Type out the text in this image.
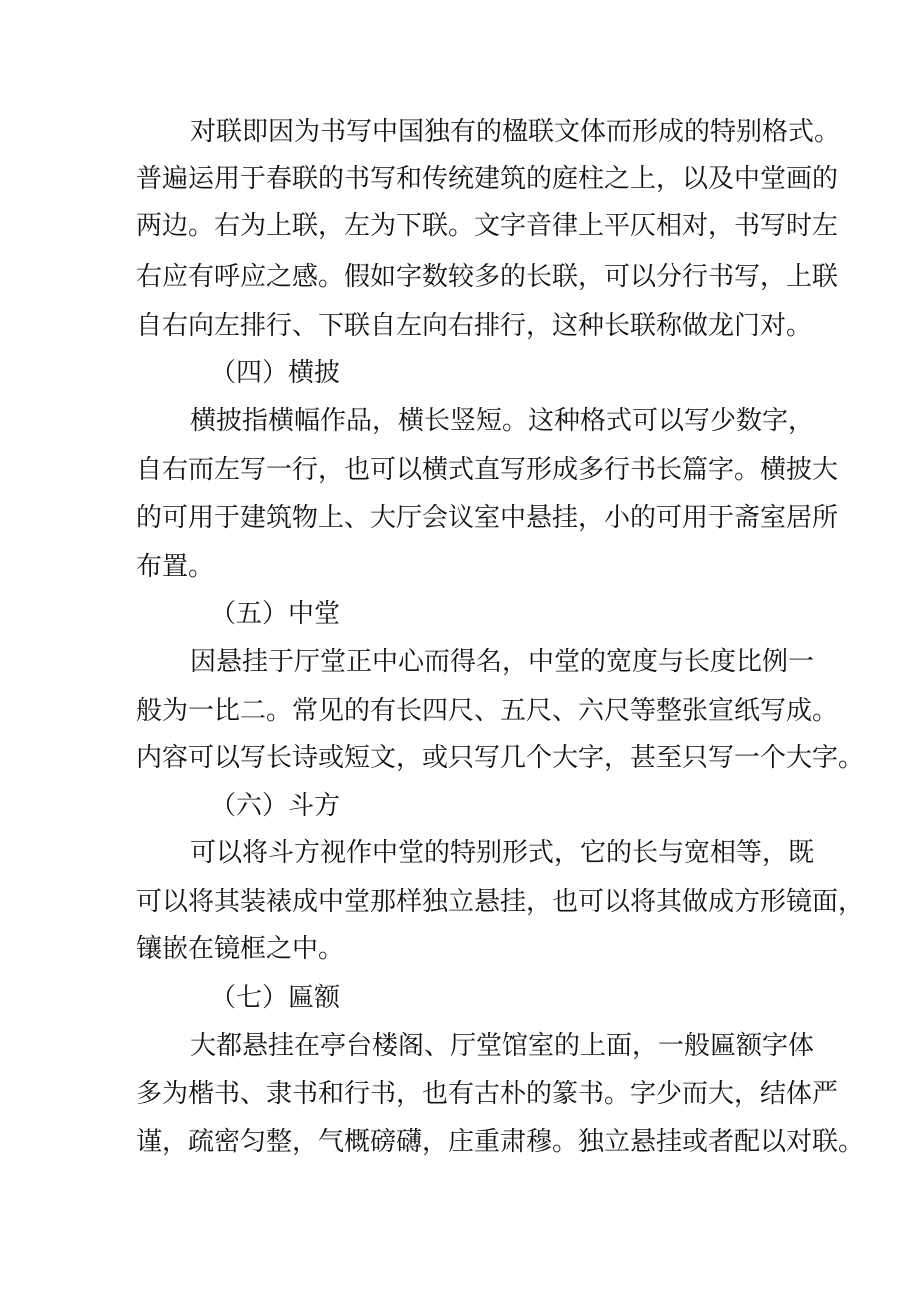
对联即因为书写中国独有的楹联文体而形成的特别格式。
普遍运用于春联的书写和传统建筑的庭柱之上，以及中堂画的
两边。右为上联，左为下联。文字音律上平仄相对，书写时左
右应有呼应之感。假如字数较多的长联，可以分行书写，上联
自右向左排行、下联自左向右排行，这种长联称做龙门对。
（四）横披
横披指横幅作品，横长竖短。这种格式可以写少数字，
自右而左写一行，也可以横式直写形成多行书长篇字。横披大
的可用于建筑物上、大厅会议室中悬挂，小的可用于斋室居所
布置。
（五）中堂
因悬挂于厅堂正中心而得名，中堂的宽度与长度比例一
般为一比二。常见的有长四尺、五尺、六尺等整张宣纸写成。
内容可以写长诗或短文，或只写几个大字，甚至只写一个大字。
（六）斗方
可以将斗方视作中堂的特别形式，它的长与宽相等，既
可以将其装裱成中堂那样独立悬挂，也可以将其做成方形镜面，
镶嵌在镜框之中。
（七）匾额
大都悬挂在亭台楼阁、厅堂馆室的上面，一般匾额字体
多为楷书、隶书和行书，也有古朴的篆书。字少而大，结体严
谨，疏密匀整，气概磅礴，庄重肃穆。独立悬挂或者配以对联。
